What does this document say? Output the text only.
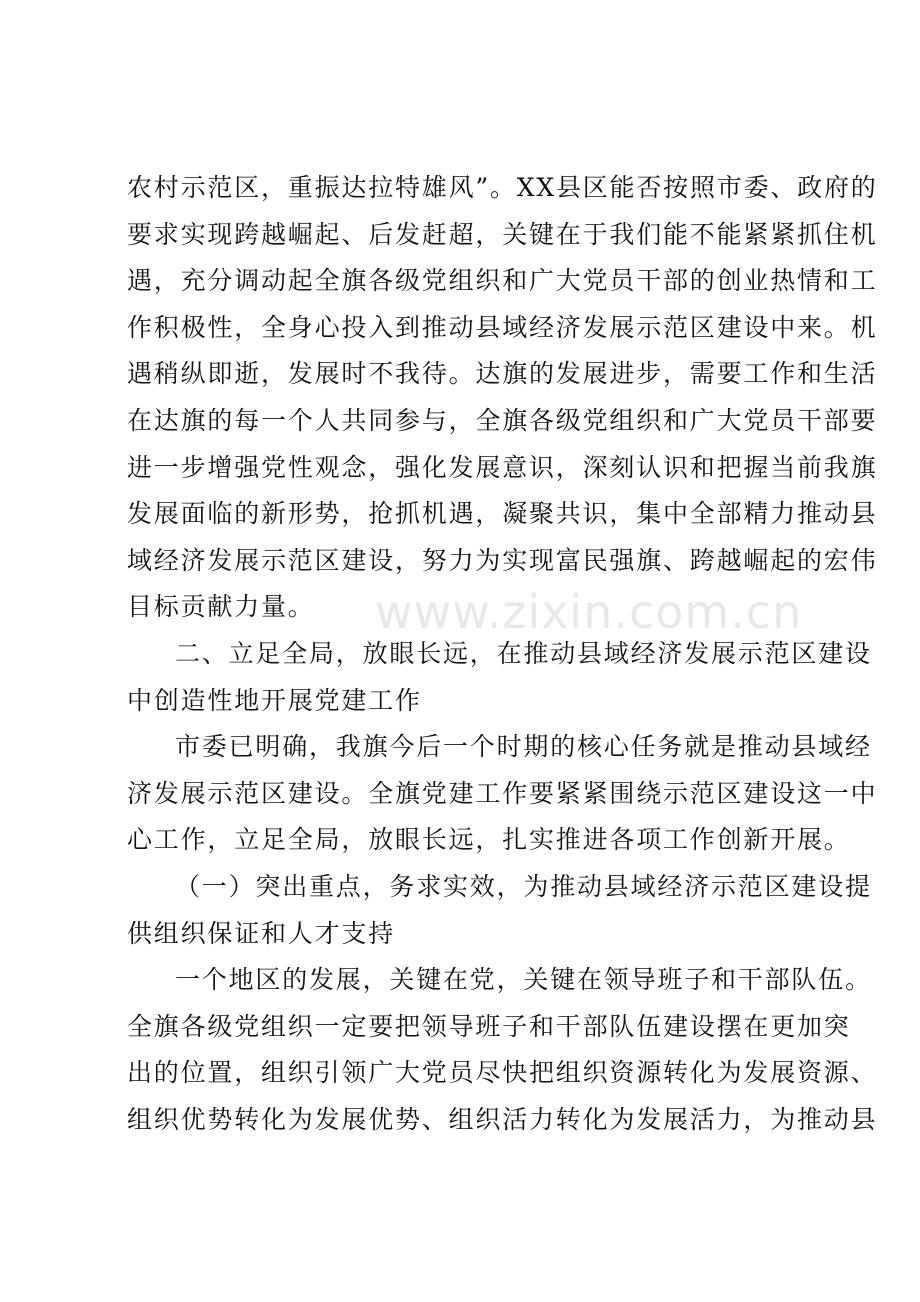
农村示范区，重振达拉特雄风”。XX县区能否按照市委、政府的
要求实现跨越崛起、后发赶超，关键在于我们能不能紧紧抓住机
遇，充分调动起全旗各级党组织和广大党员干部的创业热情和工
作积极性，全身心投入到推动县域经济发展示范区建设中来。机
遇稍纵即逝，发展时不我待。达旗的发展进步，需要工作和生活
在达旗的每一个人共同参与，全旗各级党组织和广大党员干部要
进一步增强党性观念，强化发展意识，深刻认识和把握当前我旗
发展面临的新形势，抢抓机遇，凝聚共识，集中全部精力推动县
域经济发展示范区建设，努力为实现富民强旗、跨越崛起的宏伟
目标贡献力量。
二、立足全局，放眼长远，在推动县域经济发展示范区建设
中创造性地开展党建工作
市委已明确，我旗今后一个时期的核心任务就是推动县域经
济发展示范区建设。全旗党建工作要紧紧围绕示范区建设这一中
心工作，立足全局，放眼长远，扎实推进各项工作创新开展。
（一）突出重点，务求实效，为推动县域经济示范区建设提
供组织保证和人才支持
一个地区的发展，关键在党，关键在领导班子和干部队伍。
全旗各级党组织一定要把领导班子和干部队伍建设摆在更加突
出的位置，组织引领广大党员尽快把组织资源转化为发展资源、
组织优势转化为发展优势、组织活力转化为发展活力，为推动县
www.zixin.com.cn
